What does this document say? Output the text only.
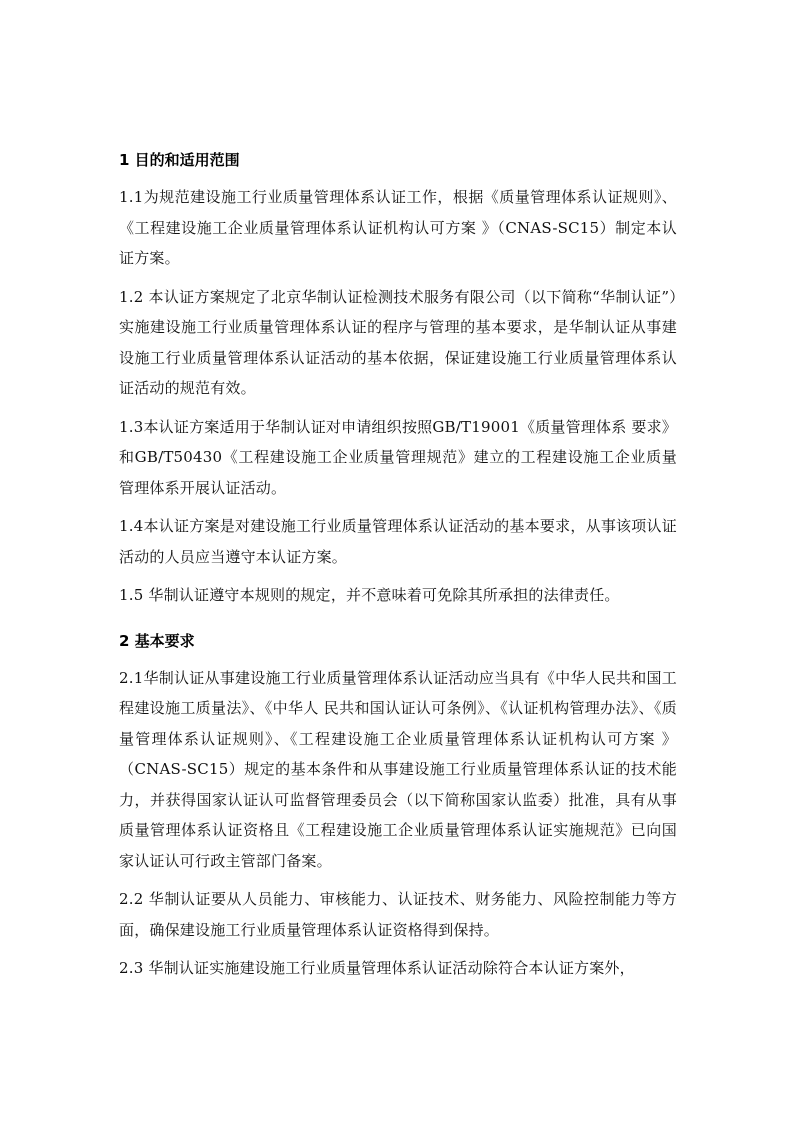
1 目的和适用范围

1.1为规范建设施工行业质量管理体系认证工作，根据《质量管理体系认证规则》、《工程建设施工企业质量管理体系认证机构认可方案 》（CNAS-SC15）制定本认证方案。

1.2 本认证方案规定了北京华制认证检测技术服务有限公司（以下简称“华制认证”）实施建设施工行业质量管理体系认证的程序与管理的基本要求，是华制认证从事建设施工行业质量管理体系认证活动的基本依据，保证建设施工行业质量管理体系认证活动的规范有效。

1.3本认证方案适用于华制认证对申请组织按照GB/T19001《质量管理体系 要求》和GB/T50430《工程建设施工企业质量管理规范》建立的工程建设施工企业质量管理体系开展认证活动。

1.4本认证方案是对建设施工行业质量管理体系认证活动的基本要求，从事该项认证活动的人员应当遵守本认证方案。

1.5 华制认证遵守本规则的规定，并不意味着可免除其所承担的法律责任。

2 基本要求

2.1华制认证从事建设施工行业质量管理体系认证活动应当具有《中华人民共和国工程建设施工质量法》、《中华人 民共和国认证认可条例》、《认证机构管理办法》、《质量管理体系认证规则》、《工程建设施工企业质量管理体系认证机构认可方案 》（CNAS-SC15）规定的基本条件和从事建设施工行业质量管理体系认证的技术能力，并获得国家认证认可监督管理委员会（以下简称国家认监委）批准，具有从事质量管理体系认证资格且《工程建设施工企业质量管理体系认证实施规范》已向国家认证认可行政主管部门备案。

2.2 华制认证要从人员能力、审核能力、认证技术、财务能力、风险控制能力等方面，确保建设施工行业质量管理体系认证资格得到保持。

2.3 华制认证实施建设施工行业质量管理体系认证活动除符合本认证方案外，
